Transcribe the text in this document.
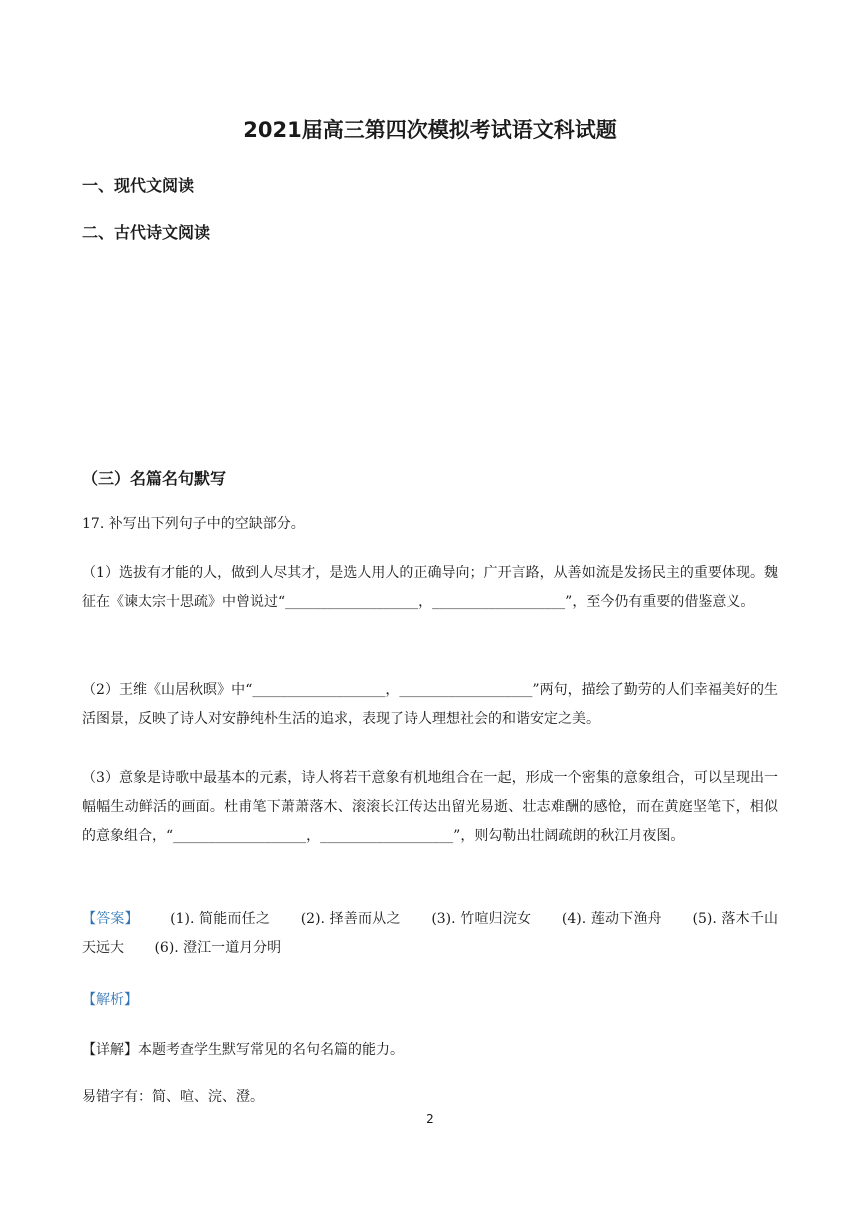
2021届高三第四次模拟考试语文科试题
一、现代文阅读
二、古代诗文阅读
（三）名篇名句默写
17. 补写出下列句子中的空缺部分。
（1）选拔有才能的人，做到人尽其才，是选人用人的正确导向；广开言路，从善如流是发扬民主的重要体现。魏征在《谏太宗十思疏》中曾说过“___________________，___________________”，至今仍有重要的借鉴意义。
（2）王维《山居秋暝》中“___________________，___________________”两句，描绘了勤劳的人们幸福美好的生活图景，反映了诗人对安静纯朴生活的追求，表现了诗人理想社会的和谐安定之美。
（3）意象是诗歌中最基本的元素，诗人将若干意象有机地组合在一起，形成一个密集的意象组合，可以呈现出一幅幅生动鲜活的画面。杜甫笔下萧萧落木、滚滚长江传达出留光易逝、壮志难酬的感怆，而在黄庭坚笔下，相似的意象组合，“___________________，___________________”，则勾勒出壮阔疏朗的秋江月夜图。
【答案】 (1). 简能而任之 (2). 择善而从之 (3). 竹喧归浣女 (4). 莲动下渔舟 (5). 落木千山天远大 (6). 澄江一道月分明
【解析】
【详解】本题考查学生默写常见的名句名篇的能力。
易错字有：简、喧、浣、澄。
2
